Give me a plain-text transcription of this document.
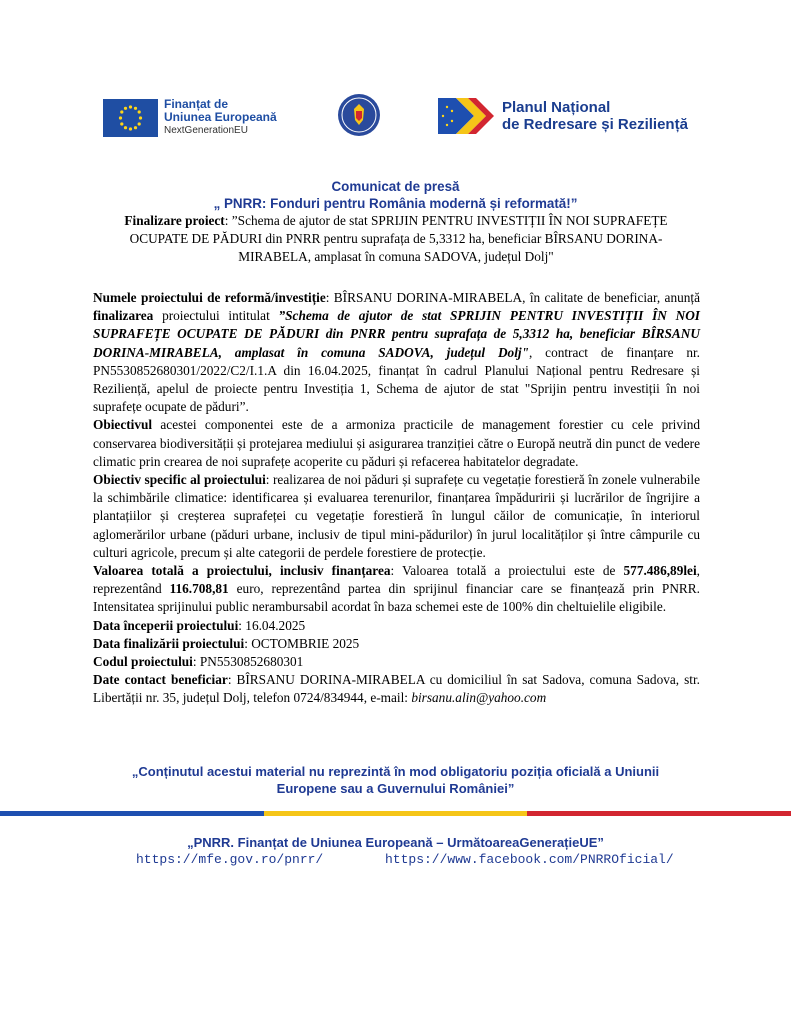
Finanțat de
Uniunea Europeană
NextGenerationEU
Planul Național
de Redresare și Reziliență
Comunicat de presă
„ PNRR: Fonduri pentru România modernă și reformată!”
Finalizare proiect: ”Schema de ajutor de stat SPRIJIN PENTRU INVESTIȚII ÎN NOI SUPRAFEȚE OCUPATE DE PĂDURI din PNRR pentru suprafața de 5,3312 ha, beneficiar BÎRSANU DORINA-MIRABELA, amplasat în comuna SADOVA, județul Dolj"

Numele proiectului de reformă/investiție: BÎRSANU DORINA-MIRABELA, în calitate de beneficiar, anunță finalizarea proiectului intitulat ”Schema de ajutor de stat SPRIJIN PENTRU INVESTIȚII ÎN NOI SUPRAFEȚE OCUPATE DE PĂDURI din PNRR pentru suprafața de 5,3312 ha, beneficiar BÎRSANU DORINA-MIRABELA, amplasat în comuna SADOVA, județul Dolj", contract de finanțare nr. PN5530852680301/2022/C2/I.1.A din 16.04.2025, finanțat în cadrul Planului Național pentru Redresare și Reziliență, apelul de proiecte pentru Investiția 1, Schema de ajutor de stat "Sprijin pentru investiții în noi suprafețe ocupate de păduri”.

Obiectivul acestei componentei este de a armoniza practicile de management forestier cu cele privind conservarea biodiversității și protejarea mediului și asigurarea tranziției către o Europă neutră din punct de vedere climatic prin crearea de noi suprafețe acoperite cu păduri și refacerea habitatelor degradate.

Obiectiv specific al proiectului: realizarea de noi păduri și suprafețe cu vegetație forestieră în zonele vulnerabile la schimbările climatice: identificarea și evaluarea terenurilor, finanțarea împăduririi și lucrărilor de îngrijire a plantațiilor și creșterea suprafeței cu vegetație forestieră în lungul căilor de comunicație, în interiorul aglomerărilor urbane (păduri urbane, inclusiv de tipul mini-pădurilor) în jurul localităților și între câmpurile cu culturi agricole, precum și alte categorii de perdele forestiere de protecție.

Valoarea totală a proiectului, inclusiv finanțarea: Valoarea totală a proiectului este de 577.486,89lei, reprezentând 116.708,81 euro, reprezentând partea din sprijinul financiar care se finanțează prin PNRR. Intensitatea sprijinului public nerambursabil acordat în baza schemei este de 100% din cheltuielile eligibile.

Data începerii proiectului: 16.04.2025

Data finalizării proiectului: OCTOMBRIE 2025

Codul proiectului: PN5530852680301

Date contact beneficiar: BÎRSANU DORINA-MIRABELA cu domiciliul în sat Sadova, comuna Sadova, str. Libertății nr. 35, județul Dolj, telefon 0724/834944, e-mail: birsanu.alin@yahoo.com

„Conținutul acestui material nu reprezintă în mod obligatoriu poziția oficială a Uniunii
Europene sau a Guvernului României”
„PNRR. Finanțat de Uniunea Europeană – UrmătoareaGenerațieUE”
https://mfe.gov.ro/pnrr/	https://www.facebook.com/PNRROficial/
